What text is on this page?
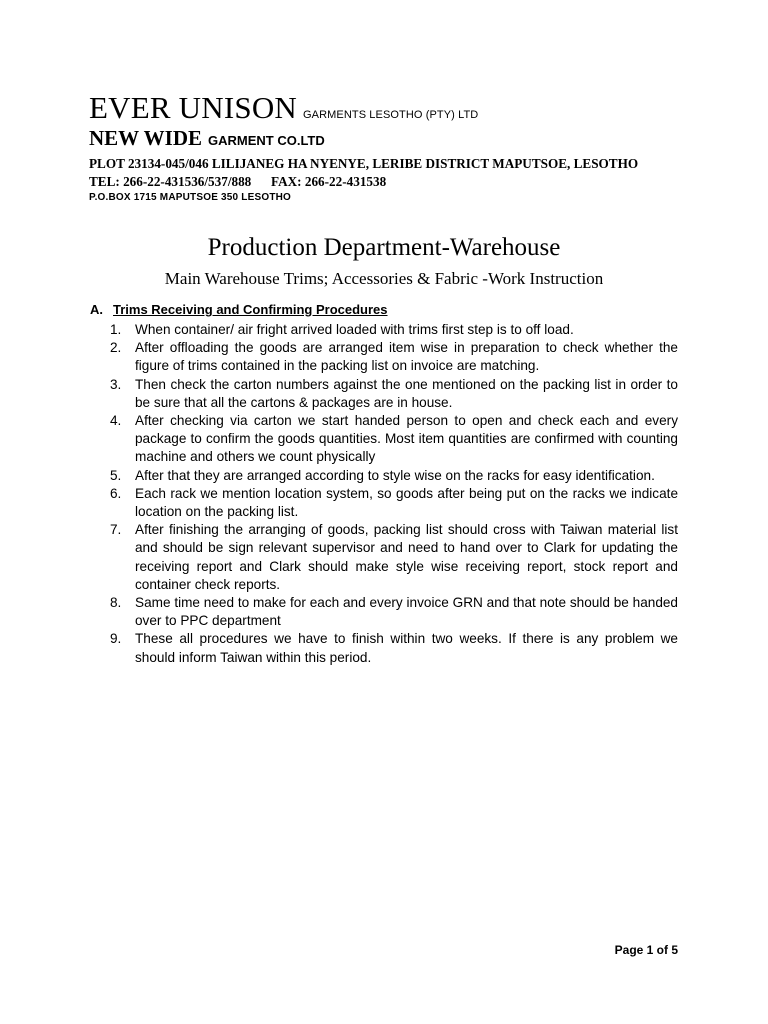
EVER UNISON GARMENTS LESOTHO (PTY) LTD
NEW WIDE GARMENT CO.LTD
PLOT 23134-045/046 LILIJANEG HA NYENYE, LERIBE DISTRICT MAPUTSOE, LESOTHO
TEL: 266-22-431536/537/888      FAX: 266-22-431538
P.O.BOX 1715 MAPUTSOE 350 LESOTHO
Production Department-Warehouse
Main Warehouse Trims; Accessories & Fabric -Work Instruction
A. Trims Receiving and Confirming Procedures
1. When container/ air fright arrived loaded with trims first step is to off load.
2. After offloading the goods are arranged item wise in preparation to check whether the figure of trims contained in the packing list on invoice are matching.
3. Then check the carton numbers against the one mentioned on the packing list in order to be sure that all the cartons & packages are in house.
4. After checking via carton we start handed person to open and check each and every package to confirm the goods quantities. Most item quantities are confirmed with counting machine and others we count physically
5. After that they are arranged according to style wise on the racks for easy identification.
6. Each rack we mention location system, so goods after being put on the racks we indicate location on the packing list.
7. After finishing the arranging of goods, packing list should cross with Taiwan material list and should be sign relevant supervisor and need to hand over to Clark for updating the receiving report and Clark should make style wise receiving report, stock report and container check reports.
8. Same time need to make for each and every invoice GRN and that note should be handed over to PPC department
9. These all procedures we have to finish within two weeks. If there is any problem we should inform Taiwan within this period.
Page 1 of 5
